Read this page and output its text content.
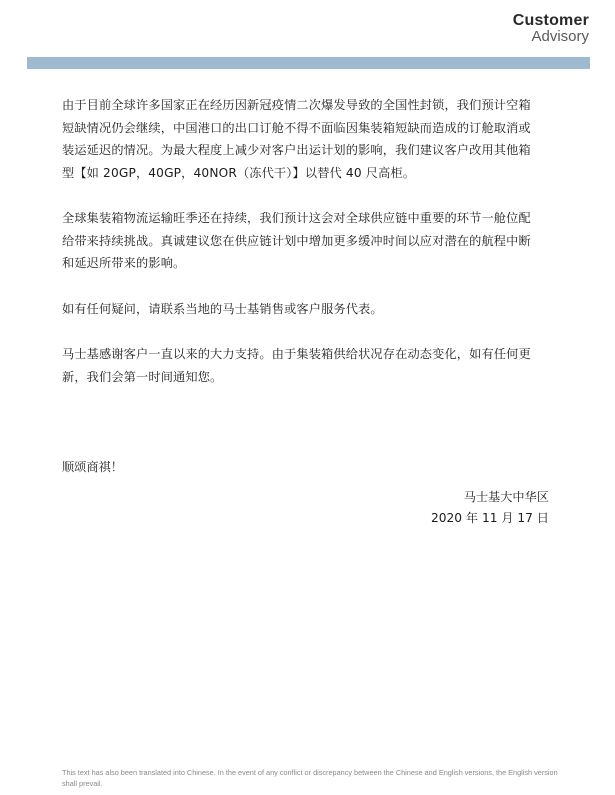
Customer
Advisory

由于目前全球许多国家正在经历因新冠疫情二次爆发导致的全国性封锁，我们预计空箱
短缺情况仍会继续，中国港口的出口订舱不得不面临因集装箱短缺而造成的订舱取消或
装运延迟的情况。为最大程度上减少对客户出运计划的影响，我们建议客户改用其他箱
型【如 20GP，40GP，40NOR（冻代干）】以替代 40 尺高柜。

全球集装箱物流运输旺季还在持续，我们预计这会对全球供应链中重要的环节一舱位配
给带来持续挑战。真诚建议您在供应链计划中增加更多缓冲时间以应对潜在的航程中断
和延迟所带来的影响。

如有任何疑问，请联系当地的马士基销售或客户服务代表。

马士基感谢客户一直以来的大力支持。由于集装箱供给状况存在动态变化，如有任何更
新，我们会第一时间通知您。

顺颂商祺！
马士基大中华区
2020 年 11 月 17 日
This text has also been translated into Chinese. In the event of any conflict or discrepancy between the Chinese and English versions, the English version shall prevail.
